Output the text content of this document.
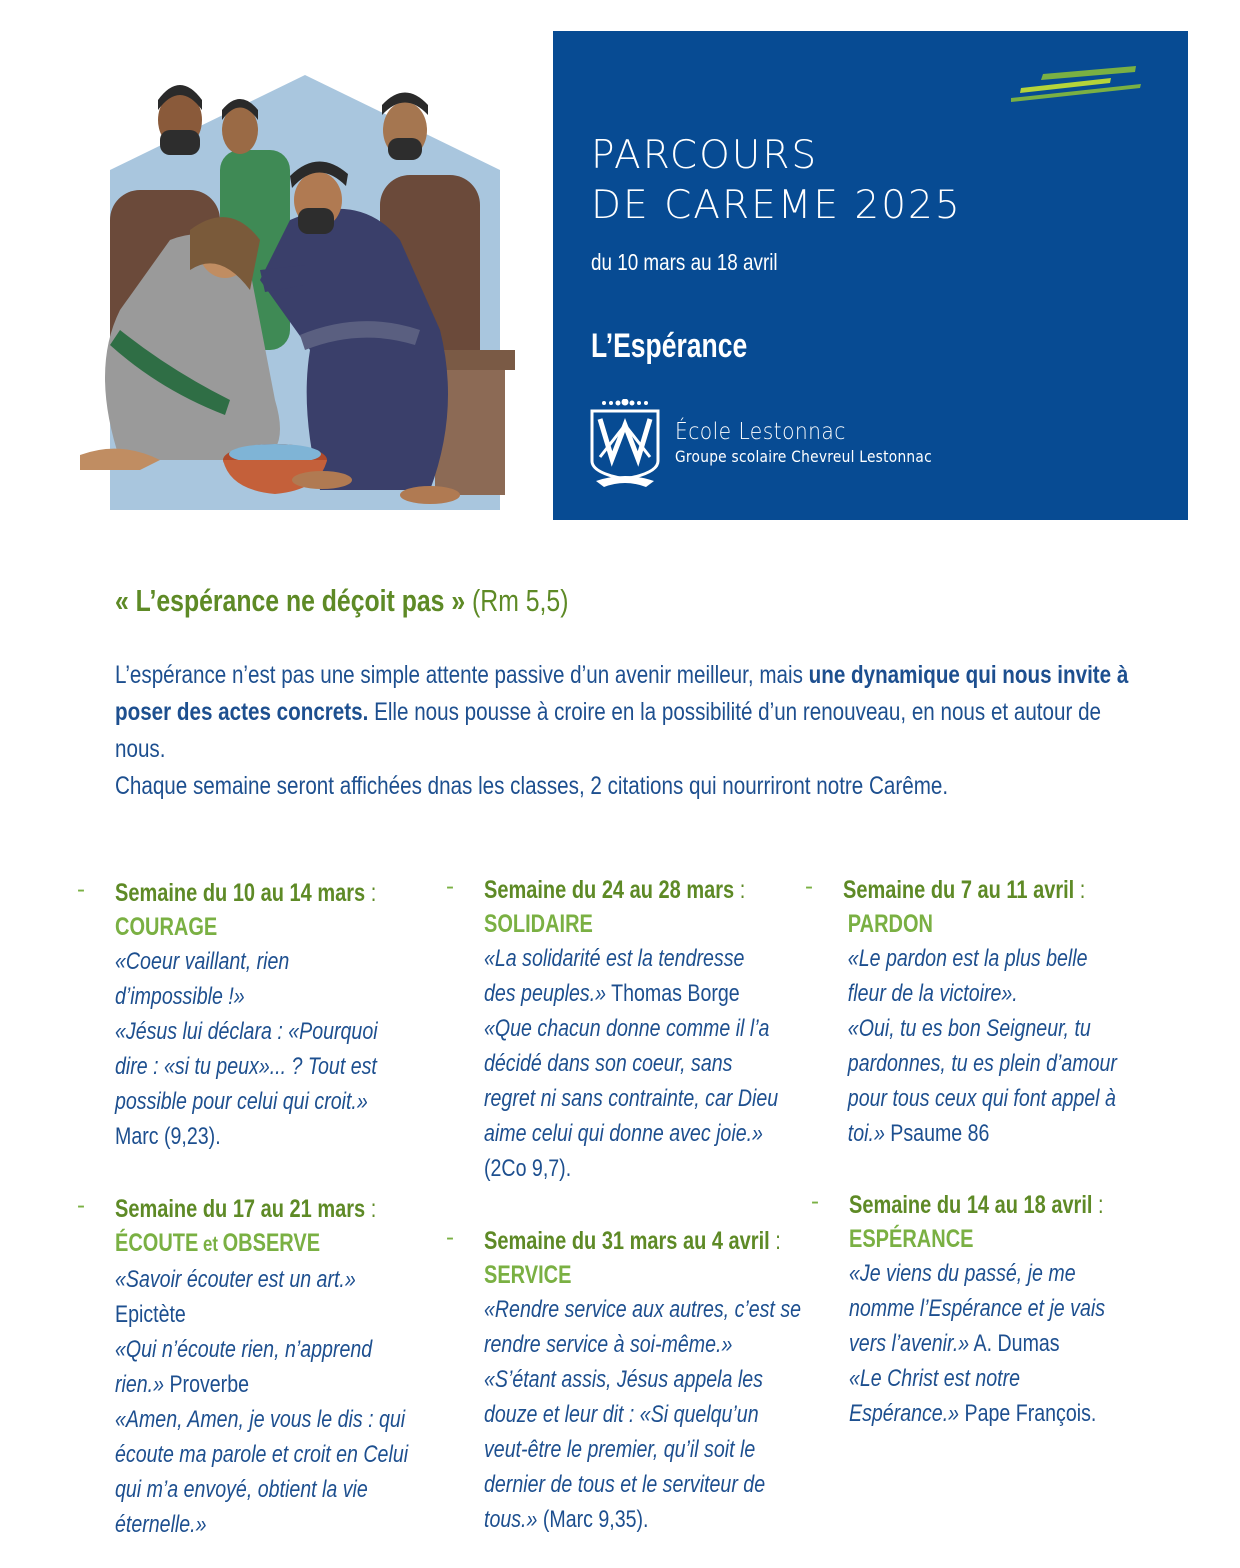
PARCOURS
DE CAREME 2025
du 10 mars au 18 avril
L’Espérance
École Lestonnac
Groupe scolaire Chevreul Lestonnac
« L’espérance ne déçoit pas » (Rm 5,5)

L’espérance n’est pas une simple attente passive d’un avenir meilleur, mais une dynamique qui nous invite à poser des actes concrets. Elle nous pousse à croire en la possibilité d’un renouveau, en nous et autour de nous.

Chaque semaine seront affichées dnas les classes, 2 citations qui nourriront notre Carême.

- Semaine du 10 au 14 mars :
COURAGE
«Coeur vaillant, rien d’impossible !»
«Jésus lui déclara : «Pourquoi dire : «si tu peux»... ? Tout est possible pour celui qui croit.» Marc (9,23).
- Semaine du 17 au 21 mars :
ÉCOUTE et OBSERVE
«Savoir écouter est un art.» Epictète
«Qui n’écoute rien, n’apprend rien.» Proverbe
«Amen, Amen, je vous le dis : qui écoute ma parole et croit en Celui qui m’a envoyé, obtient la vie éternelle.»
- Semaine du 24 au 28 mars :
SOLIDAIRE
«La solidarité est la tendresse des peuples.» Thomas Borge
«Que chacun donne comme il l’a décidé dans son coeur, sans regret ni sans contrainte, car Dieu aime celui qui donne avec joie.» (2Co 9,7).
- Semaine du 31 mars au 4 avril :
SERVICE
«Rendre service aux autres, c’est se rendre service à soi-même.»
«S’étant assis, Jésus appela les douze et leur dit : «Si quelqu’un veut-être le premier, qu’il soit le dernier de tous et le serviteur de tous.» (Marc 9,35).
- Semaine du 7 au 11 avril :
PARDON
«Le pardon est la plus belle fleur de la victoire».
«Oui, tu es bon Seigneur, tu pardonnes, tu es plein d’amour pour tous ceux qui font appel à toi.» Psaume 86
- Semaine du 14 au 18 avril :
ESPÉRANCE
«Je viens du passé, je me nomme l’Espérance et je vais vers l’avenir.» A. Dumas
«Le Christ est notre Espérance.» Pape François.
